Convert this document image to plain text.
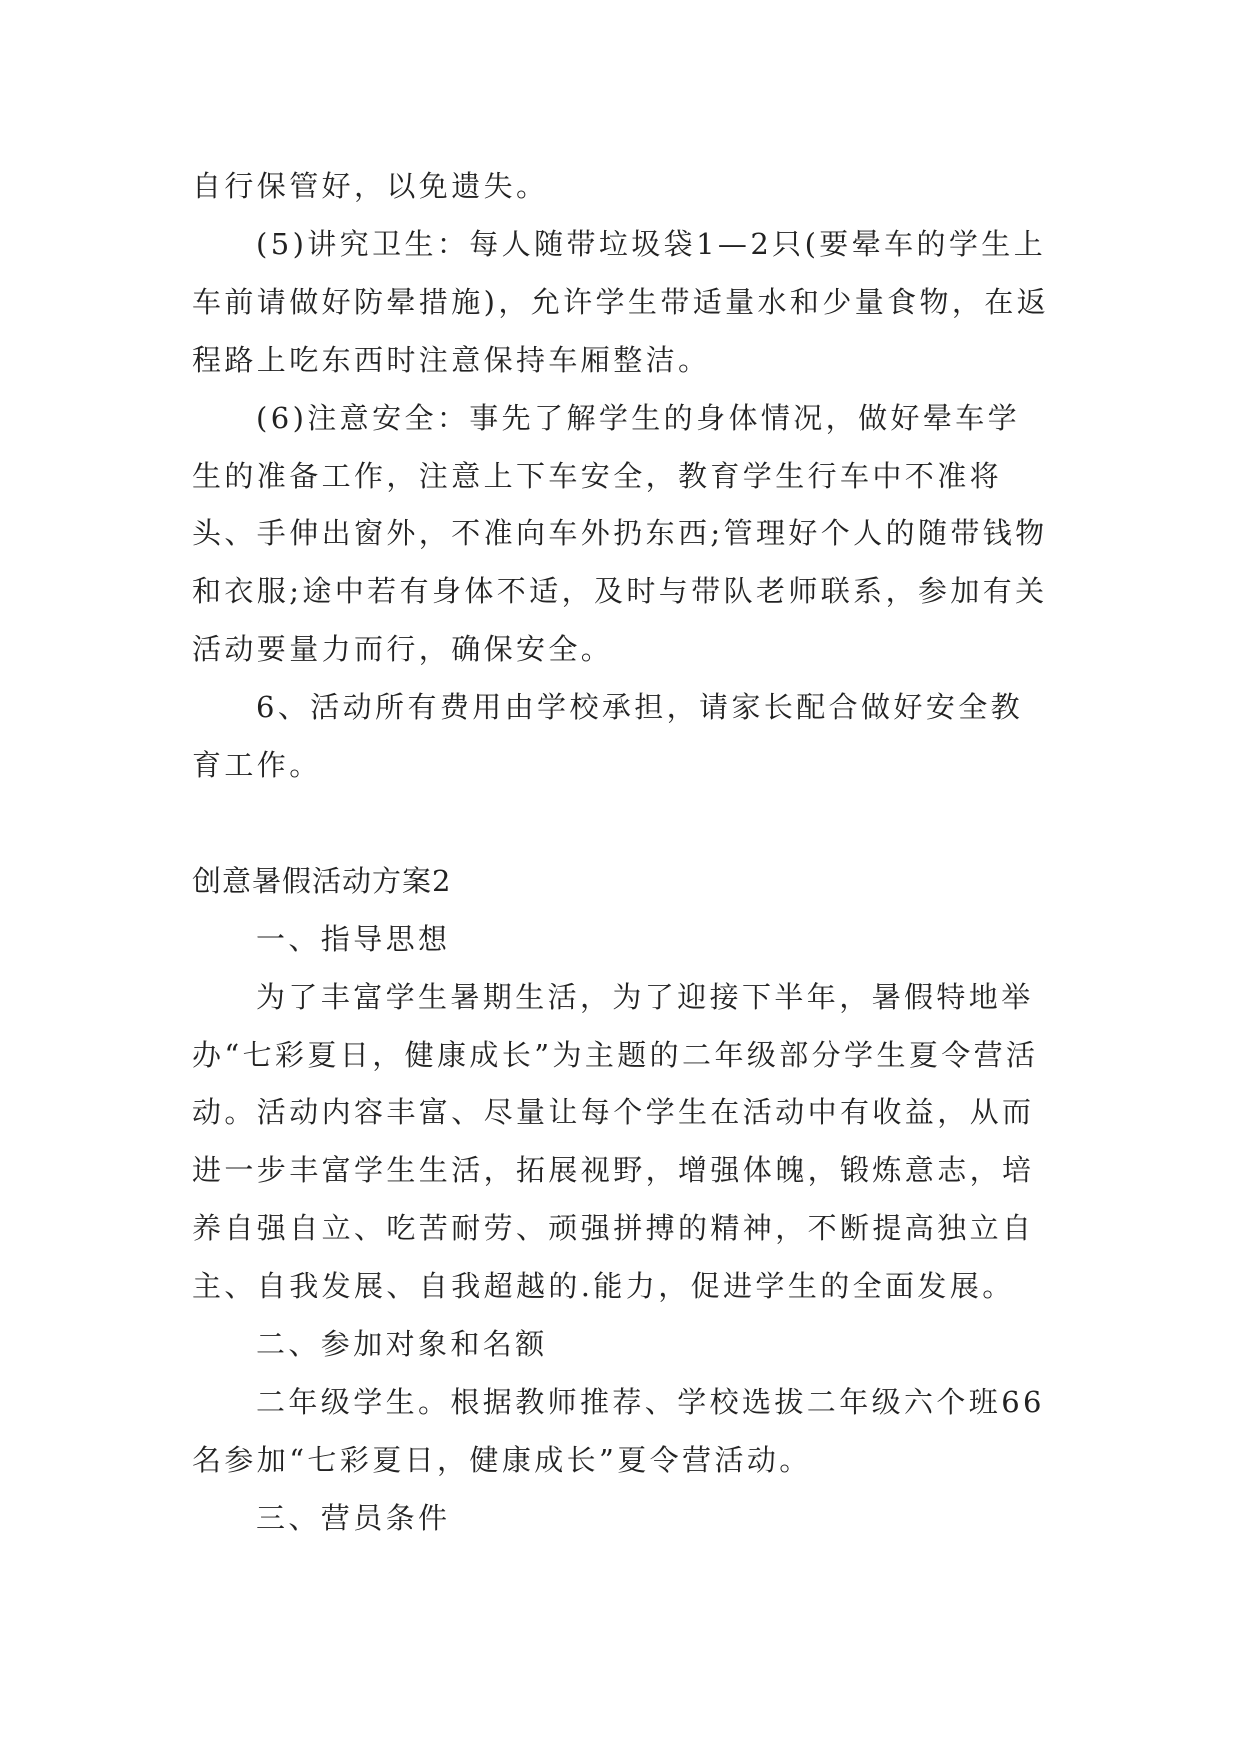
自行保管好，以免遗失。

(5)讲究卫生：每人随带垃圾袋1—2只(要晕车的学生上车前请做好防晕措施)，允许学生带适量水和少量食物，在返程路上吃东西时注意保持车厢整洁。

(6)注意安全：事先了解学生的身体情况，做好晕车学生的准备工作，注意上下车安全，教育学生行车中不准将头、手伸出窗外，不准向车外扔东西;管理好个人的随带钱物和衣服;途中若有身体不适，及时与带队老师联系，参加有关活动要量力而行，确保安全。

6、活动所有费用由学校承担，请家长配合做好安全教育工作。

创意暑假活动方案2

一、指导思想

为了丰富学生暑期生活，为了迎接下半年，暑假特地举办“七彩夏日，健康成长”为主题的二年级部分学生夏令营活动。活动内容丰富、尽量让每个学生在活动中有收益，从而进一步丰富学生生活，拓展视野，增强体魄，锻炼意志，培养自强自立、吃苦耐劳、顽强拼搏的精神，不断提高独立自主、自我发展、自我超越的.能力，促进学生的全面发展。

二、参加对象和名额

二年级学生。根据教师推荐、学校选拔二年级六个班66名参加“七彩夏日，健康成长”夏令营活动。

三、营员条件
